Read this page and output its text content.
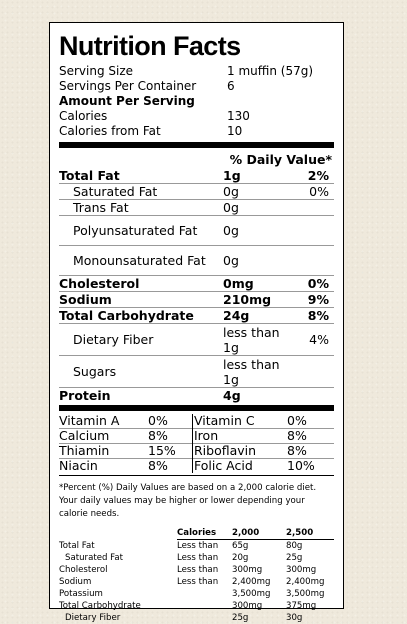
Nutrition Facts
Serving Size	1 muffin (57g)
Servings Per Container	6
Amount Per Serving
Calories	130
Calories from Fat	10
% Daily Value*
Total Fat	1g	2%
Saturated Fat	0g	0%
Trans Fat	0g	
Polyunsaturated Fat	0g	
Monounsaturated Fat	0g	
Cholesterol	0mg	0%
Sodium	210mg	9%
Total Carbohydrate	24g	8%
Dietary Fiber	less than 1g	4%
Sugars	less than 1g	
Protein	4g	
Vitamin A	0%	Vitamin C	0%
Calcium	8%	Iron	8%
Thiamin	15%	Riboflavin	8%
Niacin	8%	Folic Acid	10%
*Percent (%) Daily Values are based on a 2,000 calorie diet. Your daily values may be higher or lower depending your calorie needs.
	Calories	2,000	2,500
Total Fat	Less than	65g	80g
Saturated Fat	Less than	20g	25g
Cholesterol	Less than	300mg	300mg
Sodium	Less than	2,400mg	2,400mg
Potassium		3,500mg	3,500mg
Total Carbohydrate		300mg	375mg
Dietary Fiber		25g	30g
